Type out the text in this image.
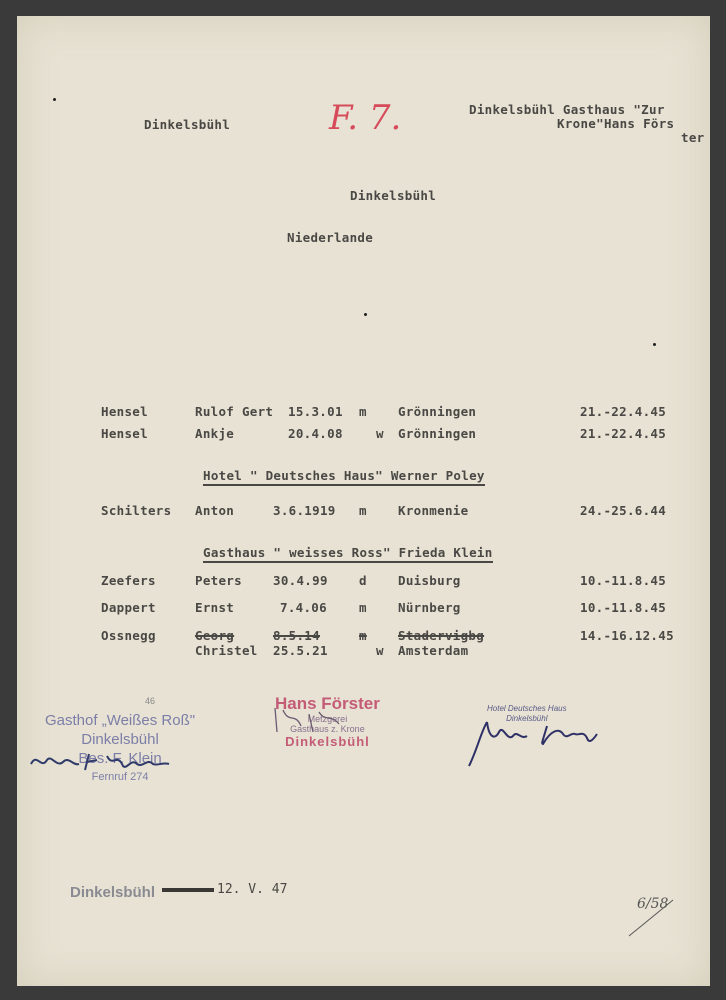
Dinkelsbühl
Dinkelsbühl Gasthaus "Zur
Krone"Hans Förs
ter
F. 7.
Dinkelsbühl
Niederlande
Hensel	Rulof Gert 15.3.01 m Grönningen	21.-22.4.45
Hensel	Ankje	20.4.08	w Grönningen	21.-22.4.45
Hotel " Deutsches Haus" Werner Poley
Schilters Anton	3.6.1919 m Kronmenie	24.-25.6.44
Gasthaus " weisses Ross" Frieda Klein
Zeefers	Peters 30.4.99 d Duisburg	10.-11.8.45
Dappert	Ernst	7.4.06	m Nürnberg	10.-11.8.45
Ossnegg	Georg	8.5.14	m Stadervigbg	14.-16.12.45
Christel 25.5.21	w Amsterdam
46
Gasthof „Weißes Roß"
Dinkelsbühl
Bes. F. Klein
Fernruf 274
Hans Förster
Metzgerei
Gasthaus z. Krone
Dinkelsbühl
Hotel Deutsches Haus
Dinkelsbühl
Dinkelsbühl	12. V. 47
6/58
